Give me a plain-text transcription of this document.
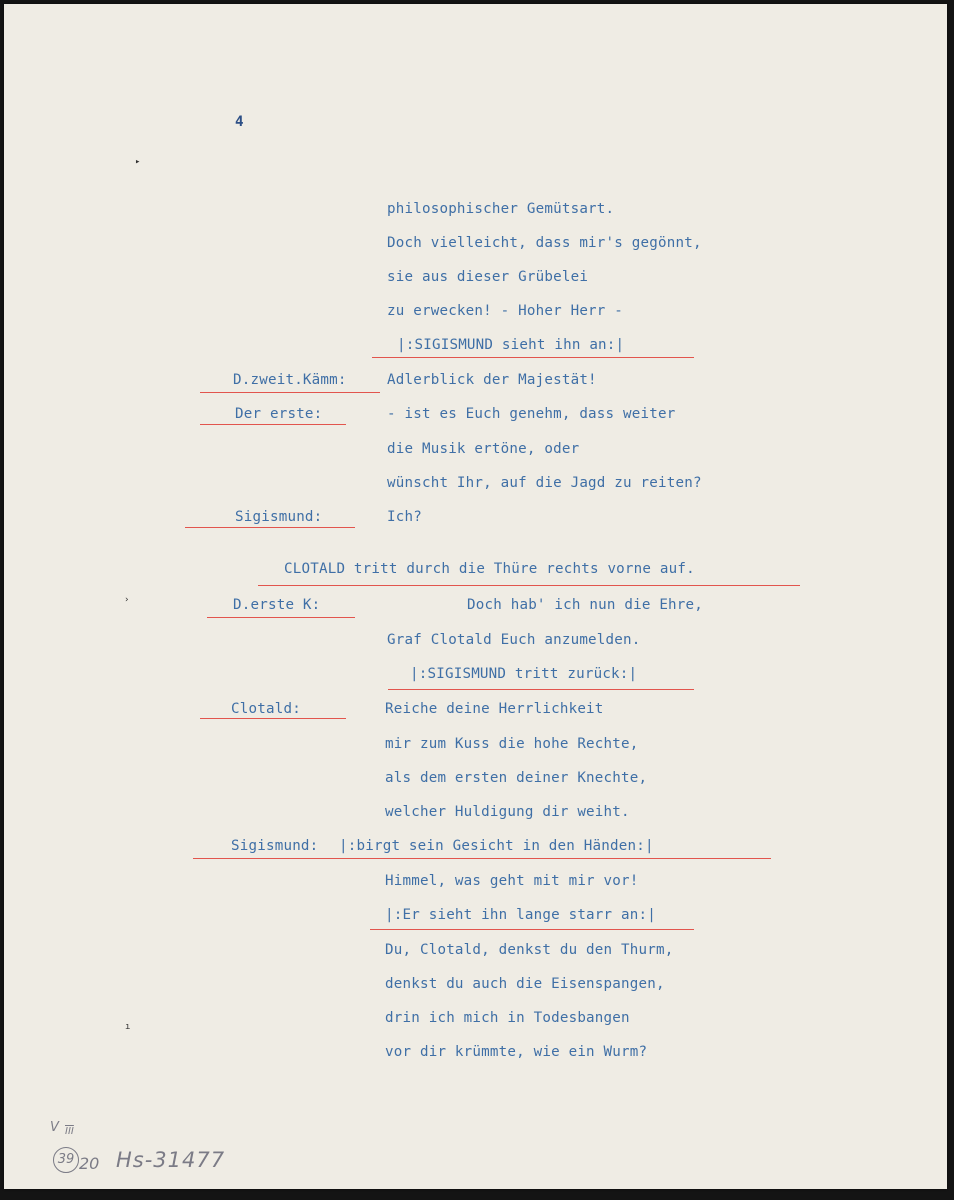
4
▸
philosophischer Gemütsart.
Doch vielleicht, dass mir's gegönnt,
sie aus dieser Grübelei
zu erwecken! - Hoher Herr -
|:SIGISMUND sieht ihn an:|
D.zweit.Kämm:	Adlerblick der Majestät!
Der erste:	- ist es Euch genehm, dass weiter
die Musik ertöne, oder
wünscht Ihr, auf die Jagd zu reiten?
Sigismund:	Ich?
CLOTALD tritt durch die Thüre rechts vorne auf.
›	D.erste K:	Doch hab' ich nun die Ehre,
Graf Clotald Euch anzumelden.
|:SIGISMUND tritt zurück:|
Clotald:	Reiche deine Herrlichkeit
mir zum Kuss die hohe Rechte,
als dem ersten deiner Knechte,
welcher Huldigung dir weiht.
Sigismund: |:birgt sein Gesicht in den Händen:|
Himmel, was geht mit mir vor!
|:Er sieht ihn lange starr an:|
Du, Clotald, denkst du den Thurm,
denkst du auch die Eisenspangen,
drin ich mich in Todesbangen
vor dir krümmte, wie ein Wurm?
ı
V $\overline{III}$
39 20 Hs-31477
